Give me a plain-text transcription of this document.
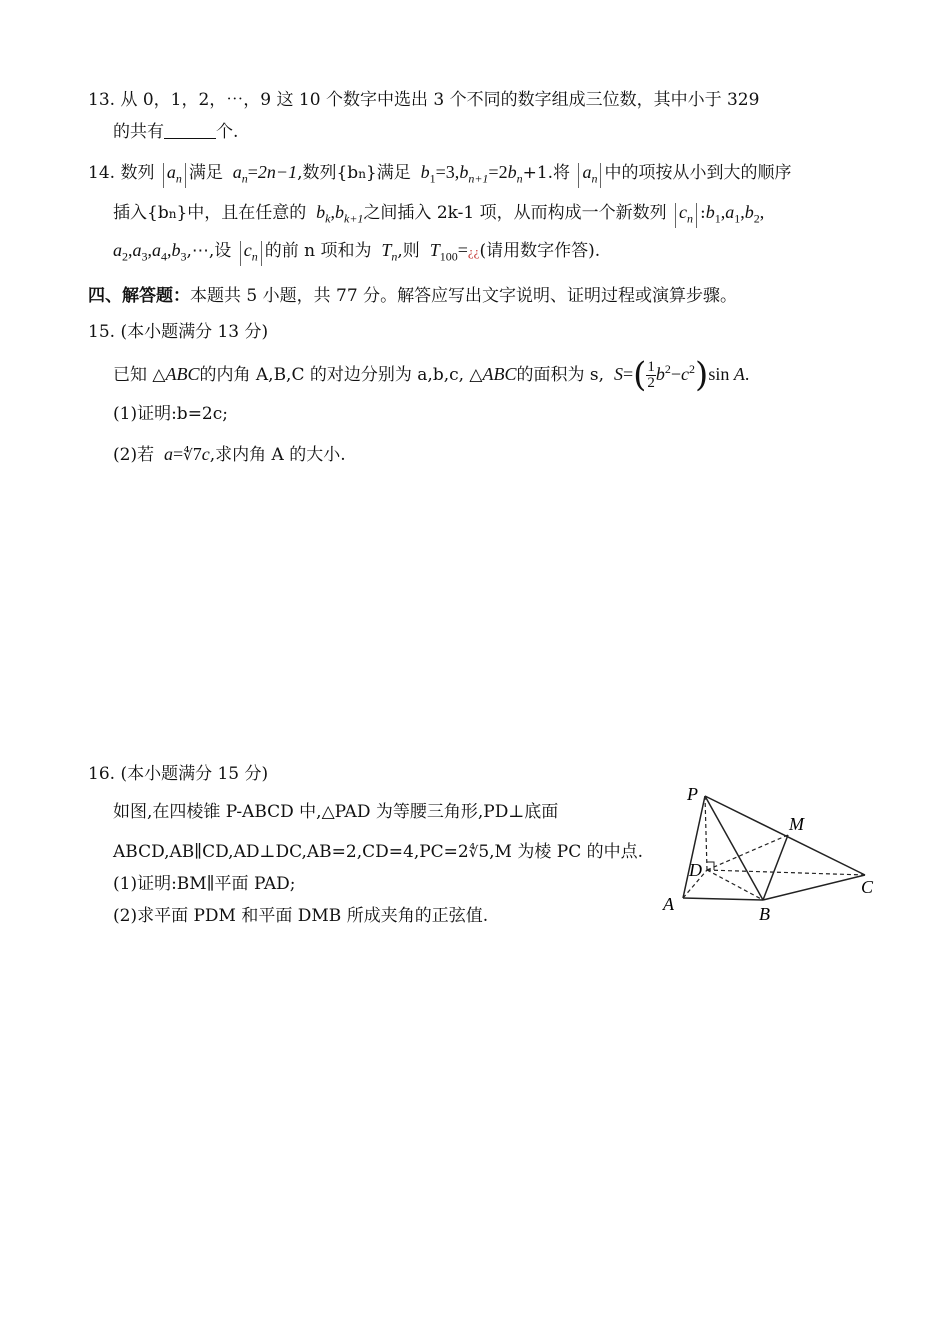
13. 从 0，1，2，⋯，9 这 10 个数字中选出 3 个不同的数字组成三位数，其中小于 329
的共有	个.
14. 数列 $a_n$ 满足  $a_n=2n-1$,数列{bn}满足  $b_1=3,b_{n+1}=2b_n+1$.将 $a_n$ 中的项按从小到大的顺序
插入{bn}中，且在任意的  $b_k,b_{k+1}$之间插入 2k-1 项，从而构成一个新数列 $c_n$ $:b_1,a_1,b_2$,
$a_2,a_3,a_4,b_3,\cdots$,设 $c_n$ 的前 n 项和为  $T_n$,则  $T_{100}=¿¿$(请用数字作答).
四、解答题：本题共 5 小题，共 77 分。解答应写出文字说明、证明过程或演算步骤。
15. (本小题满分 13 分)
已知 △ABC的内角 A,B,C 的对边分别为 a,b,c, △ABC的面积为 s, $S=( \frac{1}{2} b^2-c^2)\sin$ A.
(1)证明:b=2c;
(2)若  a=∜7c,求内角 A 的大小.
16. (本小题满分 15 分)
如图,在四棱锥 P-ABCD 中,△PAD 为等腰三角形,PD⊥底面
ABCD,AB∥CD,AD⊥DC,AB=2,CD=4,PC=2∜5,M 为棱 PC 的中点.
(1)证明:BM∥平面 PAD;
(2)求平面 PDM 和平面 DMB 所成夹角的正弦值.
P
M
D
A	B
C
